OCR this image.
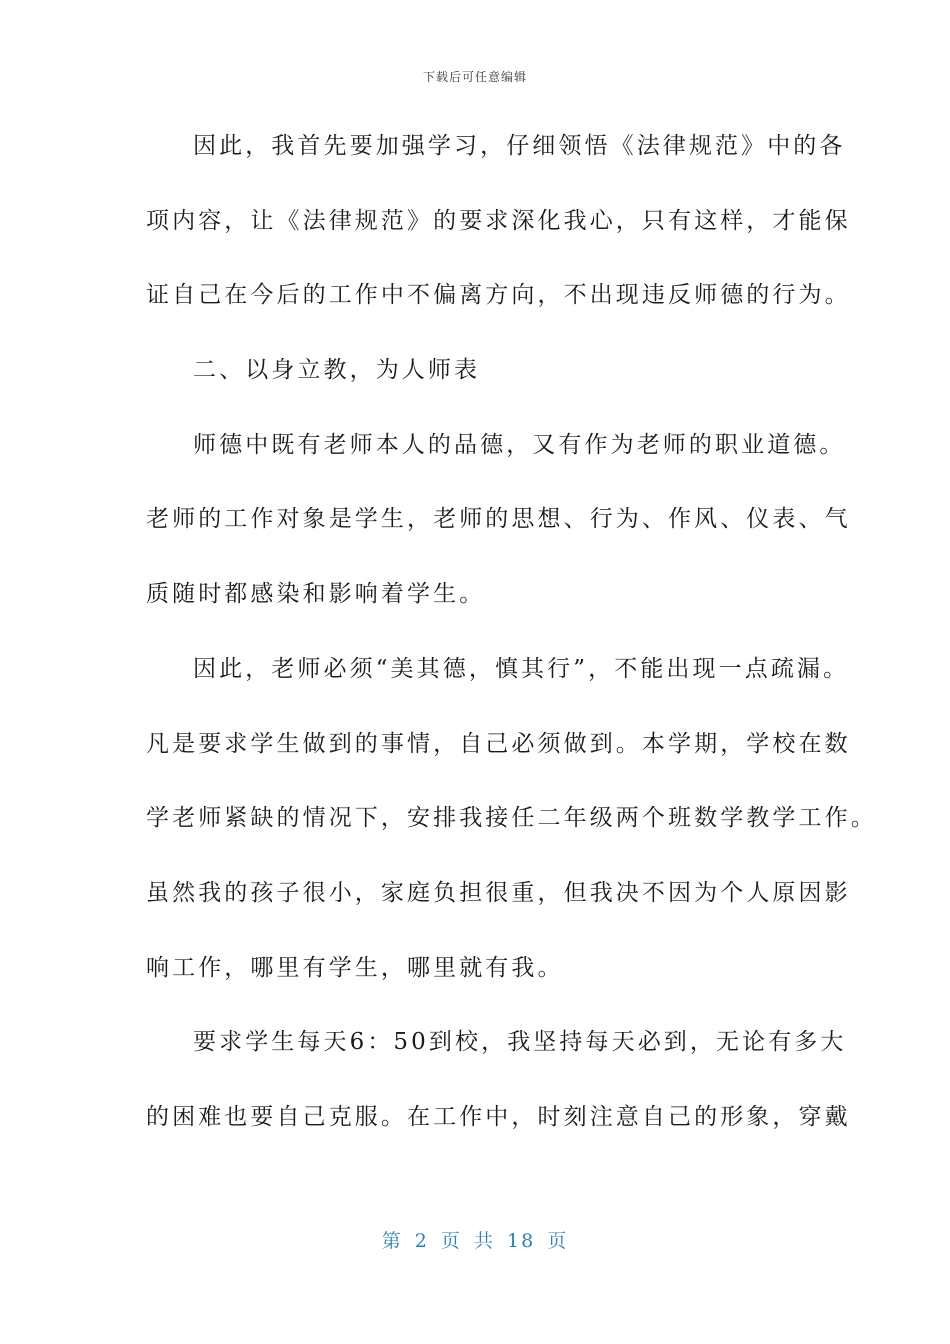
下载后可任意编辑
因此，我首先要加强学习，仔细领悟《法律规范》中的各
项内容，让《法律规范》的要求深化我心，只有这样，才能保
证自己在今后的工作中不偏离方向，不出现违反师德的行为。
二、以身立教，为人师表
师德中既有老师本人的品德，又有作为老师的职业道德。
老师的工作对象是学生，老师的思想、行为、作风、仪表、气
质随时都感染和影响着学生。
因此，老师必须“美其德，慎其行”，不能出现一点疏漏。
凡是要求学生做到的事情，自己必须做到。本学期，学校在数
学老师紧缺的情况下，安排我接任二年级两个班数学教学工作。
虽然我的孩子很小，家庭负担很重，但我决不因为个人原因影
响工作，哪里有学生，哪里就有我。
要求学生每天6：50到校，我坚持每天必到，无论有多大
的困难也要自己克服。在工作中，时刻注意自己的形象，穿戴
第 2 页 共 18 页
